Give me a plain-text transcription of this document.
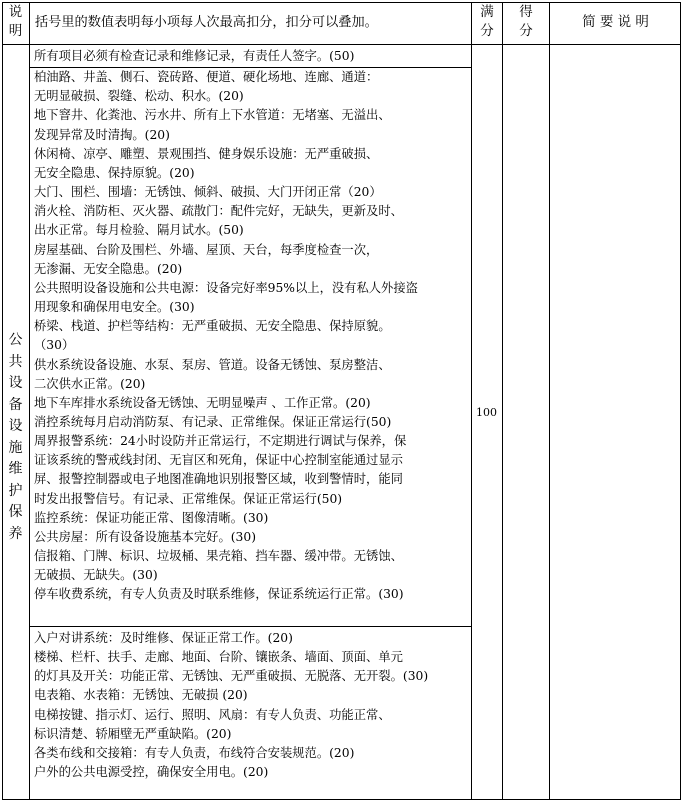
说
明
括号里的数值表明每小项每人次最高扣分，扣分可以叠加。
满
分
得
分
简 要 说 明
公
共
设
备
设
施
维
护
保
养
100
所有项目必须有检查记录和维修记录，有责任人签字。(50)
柏油路、井盖、侧石、瓷砖路、便道、硬化场地、连廊、通道：
无明显破损、裂缝、松动、积水。(20)
地下窨井、化粪池、污水井、所有上下水管道：无堵塞、无溢出、
发现异常及时清掏。(20)
休闲椅、凉亭、雕塑、景观围挡、健身娱乐设施：无严重破损、
无安全隐患、保持原貌。(20)
大门、围栏、围墙：无锈蚀、倾斜、破损、大门开闭正常（20）
消火栓、消防柜、灭火器、疏散门：配件完好，无缺失，更新及时、
出水正常。每月检验、隔月试水。(50)
房屋基础、台阶及围栏、外墙、屋顶、天台，每季度检查一次，
无渗漏、无安全隐患。(20)
公共照明设备设施和公共电源：设备完好率95%以上，没有私人外接盗
用现象和确保用电安全。(30)
桥梁、栈道、护栏等结构：无严重破损、无安全隐患、保持原貌。
（30）
供水系统设备设施、水泵、泵房、管道。设备无锈蚀、泵房整洁、
二次供水正常。(20)
地下车库排水系统设备无锈蚀、无明显噪声 、工作正常。(20)
消控系统每月启动消防泵、有记录、正常维保。保证正常运行(50)
周界报警系统：24小时设防并正常运行，不定期进行调试与保养，保
证该系统的警戒线封闭、无盲区和死角，保证中心控制室能通过显示
屏、报警控制器或电子地图准确地识别报警区域，收到警情时，能同
时发出报警信号。有记录、正常维保。保证正常运行(50)
监控系统：保证功能正常、图像清晰。(30)
公共房屋：所有设备设施基本完好。(30)
信报箱、门牌、标识、垃圾桶、果壳箱、挡车器、缓冲带。无锈蚀、
无破损、无缺失。(30)
停车收费系统，有专人负责及时联系维修，保证系统运行正常。(30)
入户对讲系统：及时维修、保证正常工作。(20)
楼梯、栏杆、扶手、走廊、地面、台阶、镶嵌条、墙面、顶面、单元
的灯具及开关：功能正常、无锈蚀、无严重破损、无脱落、无开裂。(30)
电表箱、水表箱：无锈蚀、无破损 (20)
电梯按键、指示灯、运行、照明、风扇：有专人负责、功能正常、
标识清楚、轿厢壁无严重缺陷。(20)
各类布线和交接箱：有专人负责，布线符合安装规范。(20)
户外的公共电源受控，确保安全用电。(20)
